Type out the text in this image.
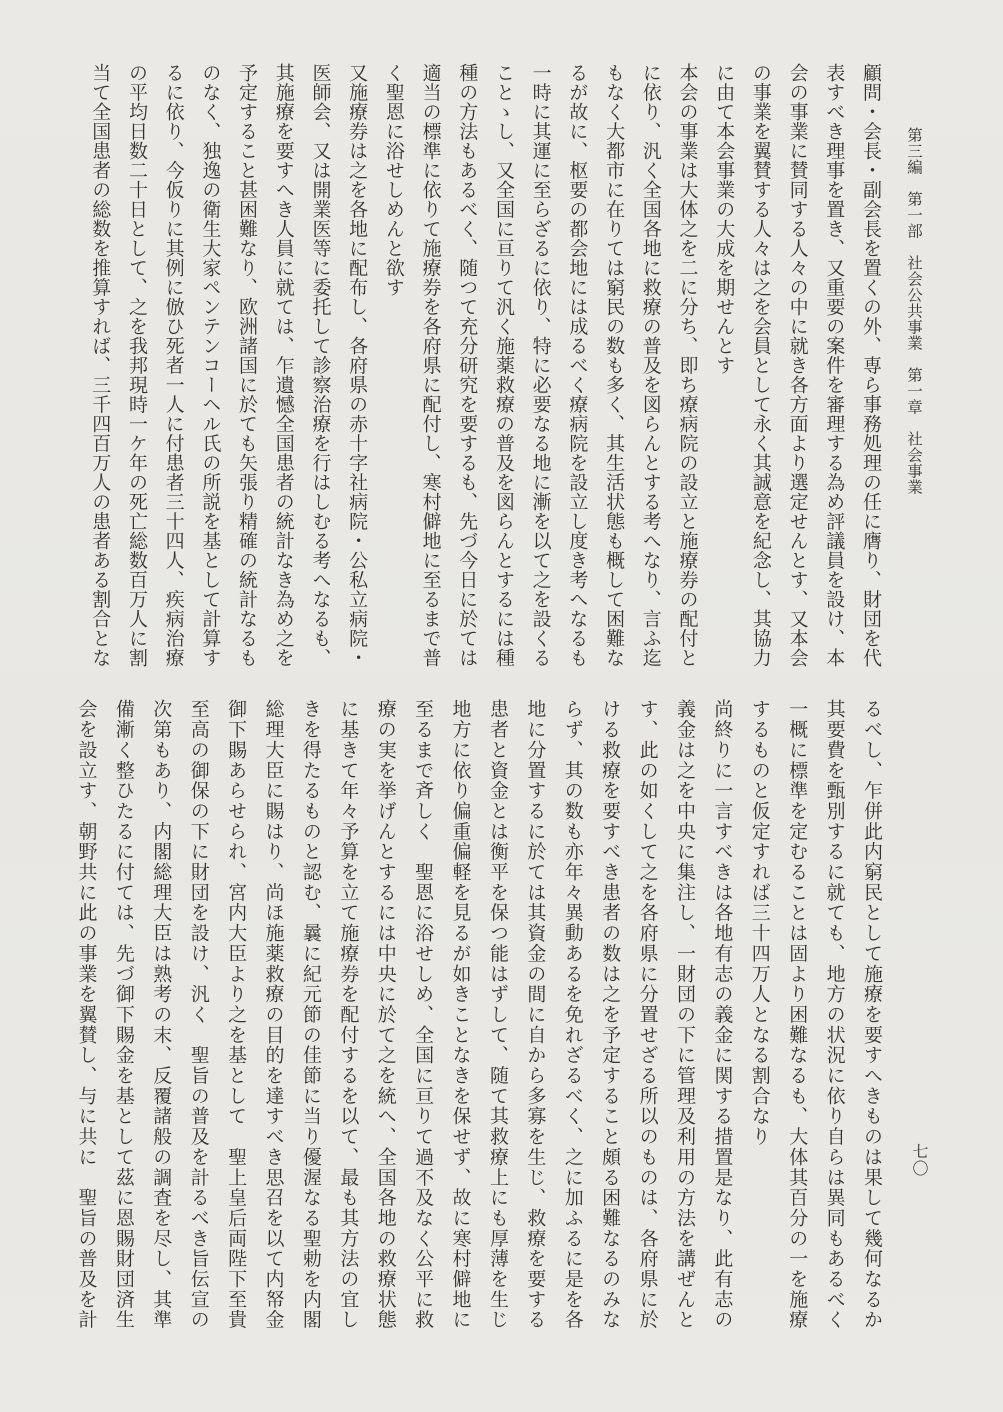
第三編　第一部　社会公共事業　第一章　社会事業

顧問・会長・副会長を置くの外、専ら事務処理の任に膺り、財団を代

表すべき理事を置き、又重要の案件を審理する為め評議員を設け、本

会の事業に賛同する人々の中に就き各方面より選定せんとす、又本会

の事業を翼賛する人々は之を会員として永く其誠意を紀念し、其協力

に由て本会事業の大成を期せんとす

本会の事業は大体之を二に分ち、即ち療病院の設立と施療券の配付と

に依り、汎く全国各地に救療の普及を図らんとする考へなり、言ふ迄

もなく大都市に在りては窮民の数も多く、其生活状態も概して困難な

るが故に、枢要の都会地には成るべく療病院を設立し度き考へなるも

一時に其運に至らざるに依り、特に必要なる地に漸を以て之を設くる

ことゝし、又全国に亘りて汎く施薬救療の普及を図らんとするには種

種の方法もあるべく、随つて充分研究を要するも、先づ今日に於ては

適当の標準に依りて施療券を各府県に配付し、寒村僻地に至るまで普

く聖恩に浴せしめんと欲す

又施療券は之を各地に配布し、各府県の赤十字社病院・公私立病院・

医師会、又は開業医等に委托して診察治療を行はしむる考へなるも、

其施療を要すへき人員に就ては、乍遺憾全国患者の統計なき為め之を

予定すること甚困難なり、欧洲諸国に於ても矢張り精確の統計なるも

のなく、独逸の衛生大家ペンテンコーヘル氏の所説を基として計算す

るに依り、今仮りに其例に倣ひ死者一人に付患者三十四人、疾病治療

の平均日数二十日として、之を我邦現時一ケ年の死亡総数百万人に割

当て全国患者の総数を推算すれば、三千四百万人の患者ある割合とな

るべし、乍併此内窮民として施療を要すへきものは果して幾何なるか

其要費を甄別するに就ても、地方の状況に依り自らは異同もあるべく

一概に標準を定むることは固より困難なるも、大体其百分の一を施療

するものと仮定すれば三十四万人となる割合なり

尚終りに一言すべきは各地有志の義金に関する措置是なり、此有志の

義金は之を中央に集注し、一財団の下に管理及利用の方法を講ぜんと

す、此の如くして之を各府県に分置せざる所以のものは、各府県に於

ける救療を要すべき患者の数は之を予定すること頗る困難なるのみな

らず、其の数も亦年々異動あるを免れざるべく、之に加ふるに是を各

地に分置するに於ては其資金の間に自から多寡を生じ、救療を要する

患者と資金とは衡平を保つ能はずして、随て其救療上にも厚薄を生じ

地方に依り偏重偏軽を見るが如きことなきを保せず、故に寒村僻地に

至るまで斉しく　聖恩に浴せしめ、全国に亘りて過不及なく公平に救

療の実を挙げんとするには中央に於て之を統へ、全国各地の救療状態

に基きて年々予算を立て施療券を配付するを以て、最も其方法の宜し

きを得たるものと認む、曩に紀元節の佳節に当り優渥なる聖勅を内閣

総理大臣に賜はり、尚ほ施薬救療の目的を達すべき思召を以て内帑金

御下賜あらせられ、宮内大臣より之を基として　聖上皇后両陛下至貴

至高の御保の下に財団を設け、汎く　聖旨の普及を計るべき旨伝宣の

次第もあり、内閣総理大臣は熟考の末、反覆諸般の調査を尽し、其準

備漸く整ひたるに付ては、先づ御下賜金を基として茲に恩賜財団済生

会を設立す、朝野共に此の事業を翼賛し、与に共に　聖旨の普及を計	七〇
